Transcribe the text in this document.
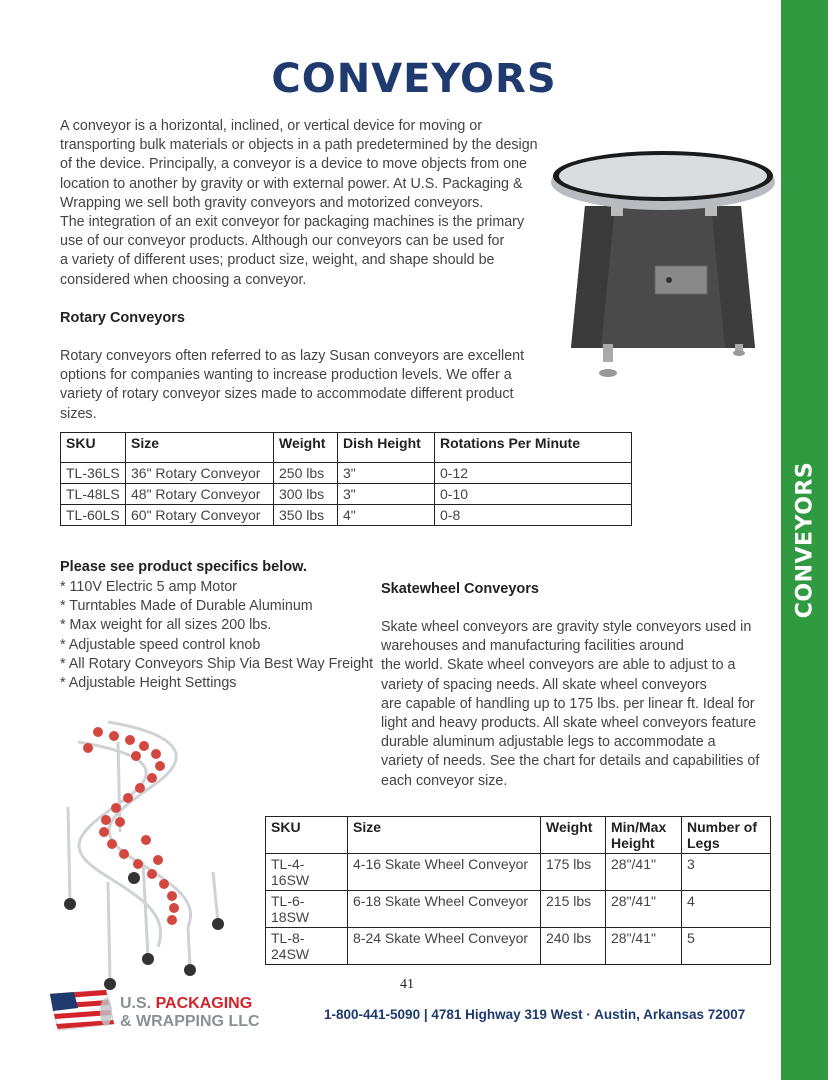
CONVEYORS
CONVEYORS

A conveyor is a horizontal, inclined, or vertical device for moving or

transporting bulk materials or objects in a path predetermined by the design

of the device. Principally, a conveyor is a device to move objects from one

location to another by gravity or with external power. At U.S. Packaging &

Wrapping we sell both gravity conveyors and motorized conveyors.

The integration of an exit conveyor for packaging machines is the primary

use of our conveyor products. Although our conveyors can be used for

a variety of different uses; product size, weight, and shape should be

considered when choosing a conveyor.

Rotary Conveyors

Rotary conveyors often referred to as lazy Susan conveyors are excellent

options for companies wanting to increase production levels. We offer a

variety of rotary conveyor sizes made to accommodate different product

sizes.

SKU	Size	Weight	Dish Height	Rotations Per Minute
TL-36LS	36" Rotary Conveyor	250 lbs	3"	0-12
TL-48LS	48" Rotary Conveyor	300 lbs	3"	0-10
TL-60LS	60" Rotary Conveyor	350 lbs	4"	0-8
Please see product specifics below.
* 110V Electric 5 amp Motor
* Turntables Made of Durable Aluminum
* Max weight for all sizes 200 lbs.
* Adjustable speed control knob
* All Rotary Conveyors Ship Via Best Way Freight
* Adjustable Height Settings
Skatewheel Conveyors

Skate wheel conveyors are gravity style conveyors used in

warehouses and manufacturing facilities around

the world. Skate wheel conveyors are able to adjust to a

variety of spacing needs. All skate wheel conveyors

are capable of handling up to 175 lbs. per linear ft. Ideal for

light and heavy products. All skate wheel conveyors feature

durable aluminum adjustable legs to accommodate a

variety of needs. See the chart for details and capabilities of

each conveyor size.

SKU	Size	Weight	Min/Max Height	Number of Legs
TL-4-16SW	4-16 Skate Wheel Conveyor	175 lbs	28"/41"	3
TL-6-18SW	6-18 Skate Wheel Conveyor	215 lbs	28"/41"	4
TL-8-24SW	8-24 Skate Wheel Conveyor	240 lbs	28"/41"	5
41
U.S. PACKAGING
& WRAPPING LLC	1-800-441-5090 | 4781 Highway 319 West · Austin, Arkansas 72007
